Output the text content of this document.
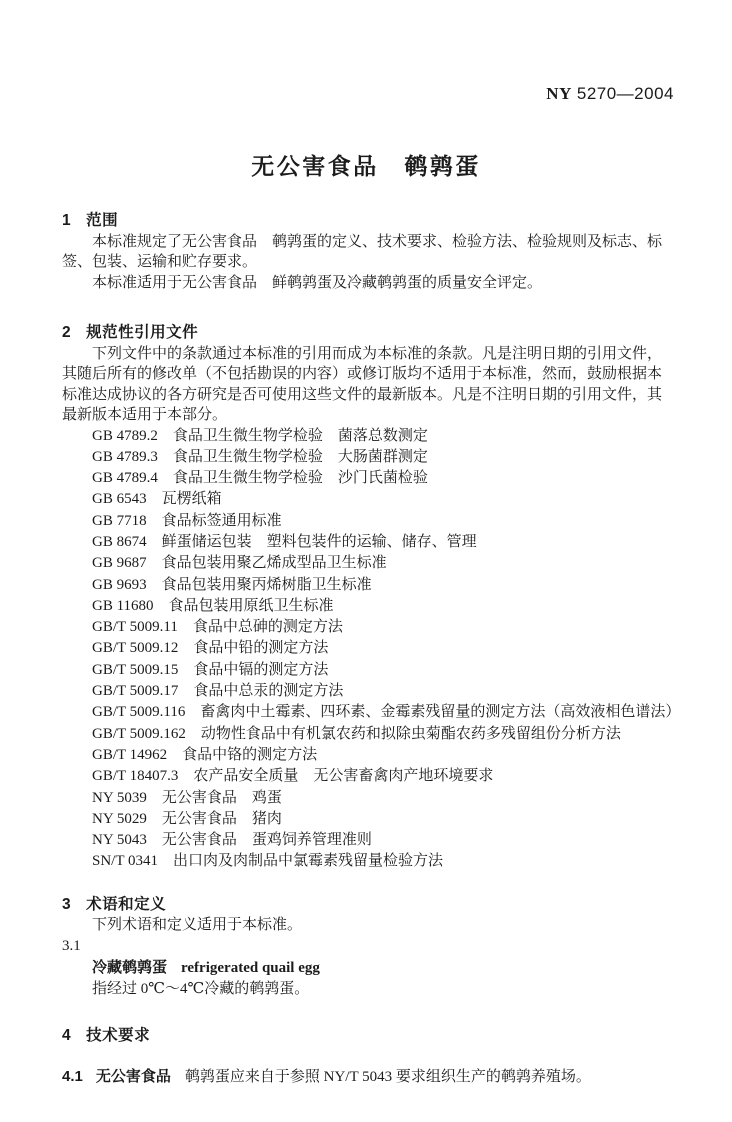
NY 5270—2004
无公害食品　鹌鹑蛋
1 范围

本标准规定了无公害食品　鹌鹑蛋的定义、技术要求、检验方法、检验规则及标志、标签、包装、运输和贮存要求。

本标准适用于无公害食品　鲜鹌鹑蛋及冷藏鹌鹑蛋的质量安全评定。

2 规范性引用文件

下列文件中的条款通过本标准的引用而成为本标准的条款。凡是注明日期的引用文件，其随后所有的修改单（不包括勘误的内容）或修订版均不适用于本标准，然而，鼓励根据本标准达成协议的各方研究是否可使用这些文件的最新版本。凡是不注明日期的引用文件，其最新版本适用于本部分。

GB 4789.2　食品卫生微生物学检验　菌落总数测定
GB 4789.3　食品卫生微生物学检验　大肠菌群测定
GB 4789.4　食品卫生微生物学检验　沙门氏菌检验
GB 6543　瓦楞纸箱
GB 7718　食品标签通用标准
GB 8674　鲜蛋储运包装　塑料包装件的运输、储存、管理
GB 9687　食品包装用聚乙烯成型品卫生标准
GB 9693　食品包装用聚丙烯树脂卫生标准
GB 11680　食品包装用原纸卫生标准
GB/T 5009.11　食品中总砷的测定方法
GB/T 5009.12　食品中铅的测定方法
GB/T 5009.15　食品中镉的测定方法
GB/T 5009.17　食品中总汞的测定方法
GB/T 5009.116　畜禽肉中土霉素、四环素、金霉素残留量的测定方法（高效液相色谱法）
GB/T 5009.162　动物性食品中有机氯农药和拟除虫菊酯农药多残留组份分析方法
GB/T 14962　食品中铬的测定方法
GB/T 18407.3　农产品安全质量　无公害畜禽肉产地环境要求
NY 5039　无公害食品　鸡蛋
NY 5029　无公害食品　猪肉
NY 5043　无公害食品　蛋鸡饲养管理准则
SN/T 0341　出口肉及肉制品中氯霉素残留量检验方法
3 术语和定义

下列术语和定义适用于本标准。

3.1
冷藏鹌鹑蛋 refrigerated quail egg
指经过 0℃～4℃冷藏的鹌鹑蛋。
4 技术要求
4.1 无公害食品 鹌鹑蛋应来自于参照 NY/T 5043 要求组织生产的鹌鹑养殖场。
